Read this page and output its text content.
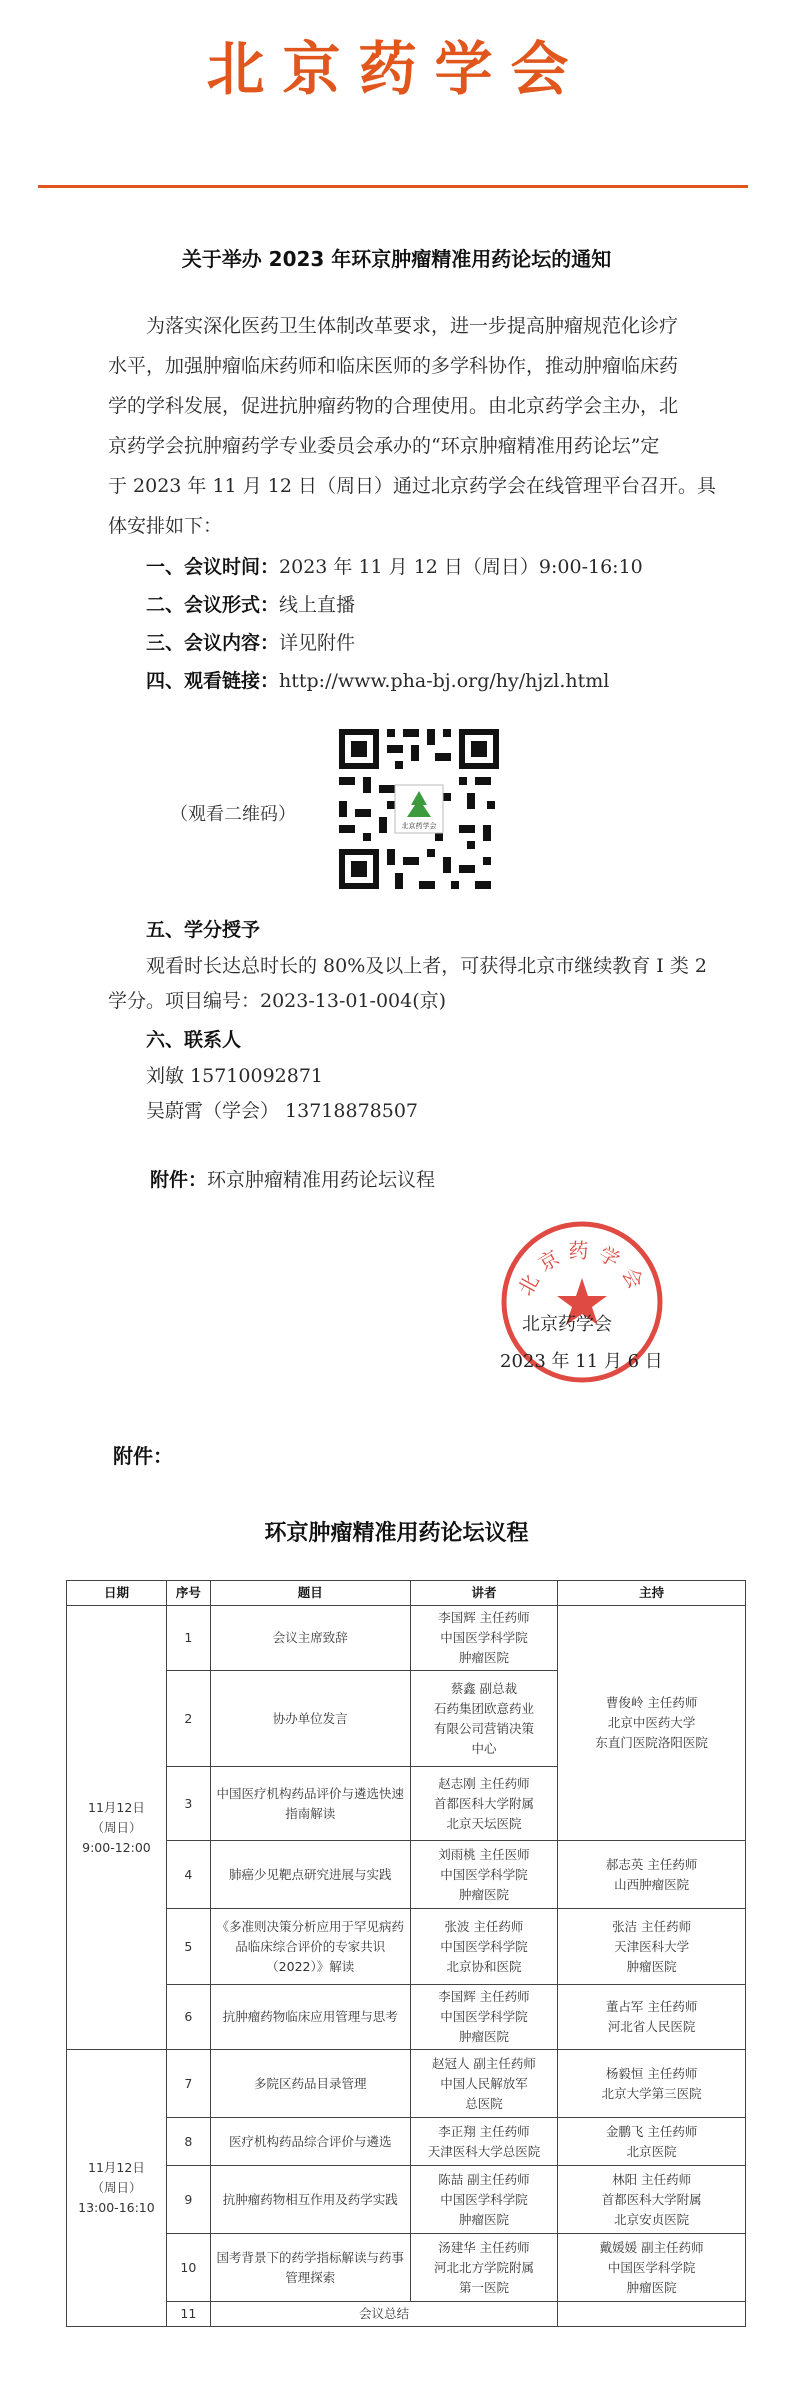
北京药学会
关于举办 2023 年环京肿瘤精准用药论坛的通知
为落实深化医药卫生体制改革要求，进一步提高肿瘤规范化诊疗
水平，加强肿瘤临床药师和临床医师的多学科协作，推动肿瘤临床药
学的学科发展，促进抗肿瘤药物的合理使用。由北京药学会主办，北
京药学会抗肿瘤药学专业委员会承办的“环京肿瘤精准用药论坛”定
于 2023 年 11 月 12 日（周日）通过北京药学会在线管理平台召开。具
体安排如下：
一、会议时间：2023 年 11 月 12 日（周日）9:00-16:10
二、会议形式：线上直播
三、会议内容：详见附件
四、观看链接：http://www.pha-bj.org/hy/hjzl.html
北京药学会
（观看二维码）
五、学分授予
观看时长达总时长的 80%及以上者，可获得北京市继续教育 I 类 2
学分。项目编号：2023-13-01-004(京)
六、联系人
刘敏 15710092871
吴蔚霄（学会） 13718878507
附件：环京肿瘤精准用药论坛议程
北京药学会
北京药学会
2023 年 11 月 6 日
附件：
环京肿瘤精准用药论坛议程
日期	序号	题目	讲者	主持
11月12日
（周日）
9:00-12:00	1	会议主席致辞	李国辉 主任药师
中国医学科学院
肿瘤医院	曹俊岭 主任药师
北京中医药大学
东直门医院洛阳医院
	2	协办单位发言	蔡鑫 副总裁
石药集团欧意药业
有限公司营销决策
中心	
	3	中国医疗机构药品评价与遴选快速指南解读	赵志刚 主任药师
首都医科大学附属
北京天坛医院	
	4	肺癌少见靶点研究进展与实践	刘雨桃 主任医师
中国医学科学院
肿瘤医院	郝志英 主任药师
山西肿瘤医院
	5	《多准则决策分析应用于罕见病药品临床综合评价的专家共识（2022）》解读	张波 主任药师
中国医学科学院
北京协和医院	张洁 主任药师
天津医科大学
肿瘤医院
	6	抗肿瘤药物临床应用管理与思考	李国辉 主任药师
中国医学科学院
肿瘤医院	董占军 主任药师
河北省人民医院
11月12日
（周日）
13:00-16:10	7	多院区药品目录管理	赵冠人 副主任药师
中国人民解放军
总医院	杨毅恒 主任药师
北京大学第三医院
	8	医疗机构药品综合评价与遴选	李正翔 主任药师
天津医科大学总医院	金鹏飞 主任药师
北京医院
	9	抗肿瘤药物相互作用及药学实践	陈喆 副主任药师
中国医学科学院
肿瘤医院	林阳 主任药师
首都医科大学附属
北京安贞医院
	10	国考背景下的药学指标解读与药事管理探索	汤建华 主任药师
河北北方学院附属
第一医院	戴媛媛 副主任药师
中国医学科学院
肿瘤医院
	11	会议总结		
